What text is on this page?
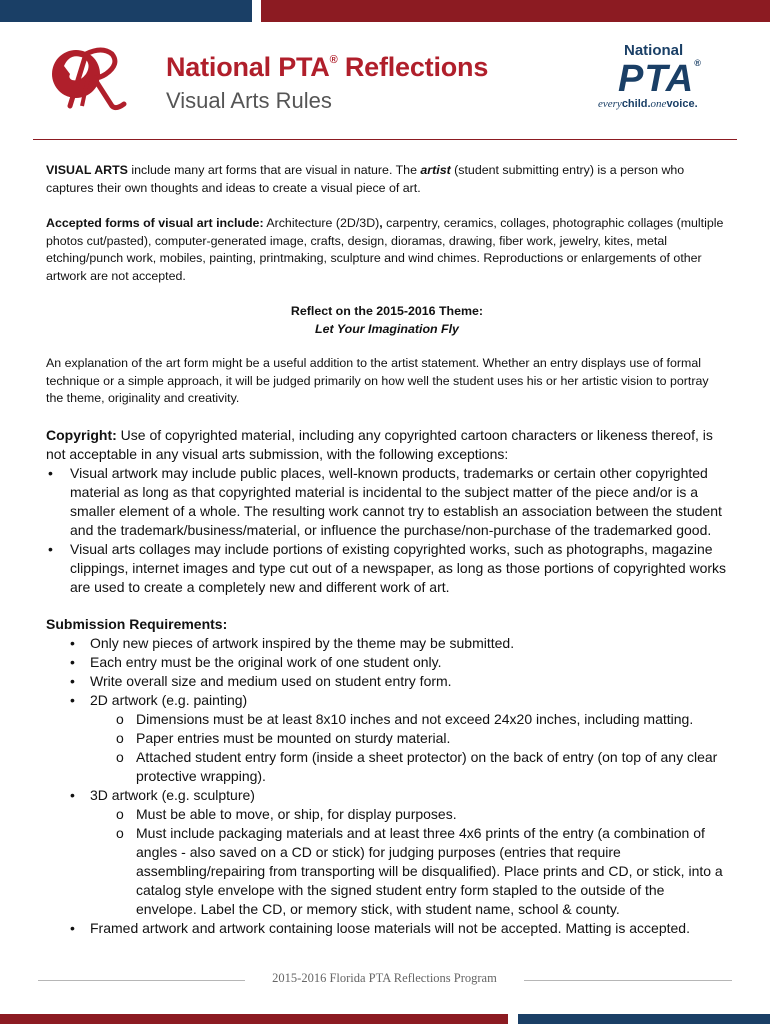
National PTA® Reflections
Visual Arts Rules
National
PTA®
everychild.onevoice.

VISUAL ARTS include many art forms that are visual in nature. The artist (student submitting entry) is a person who captures their own thoughts and ideas to create a visual piece of art.

Accepted forms of visual art include: Architecture (2D/3D), carpentry, ceramics, collages, photographic collages (multiple photos cut/pasted), computer-generated image, crafts, design, dioramas, drawing, fiber work, jewelry, kites, metal etching/punch work, mobiles, painting, printmaking, sculpture and wind chimes. Reproductions or enlargements of other artwork are not accepted.

Reflect on the 2015-2016 Theme:
Let Your Imagination Fly

An explanation of the art form might be a useful addition to the artist statement. Whether an entry displays use of formal technique or a simple approach, it will be judged primarily on how well the student uses his or her artistic vision to portray the theme, originality and creativity.

Copyright: Use of copyrighted material, including any copyrighted cartoon characters or likeness thereof, is not acceptable in any visual arts submission, with the following exceptions:

• Visual artwork may include public places, well-known products, trademarks or certain other copyrighted material as long as that copyrighted material is incidental to the subject matter of the piece and/or is a smaller element of a whole. The resulting work cannot try to establish an association between the student and the trademark/business/material, or influence the purchase/non-purchase of the trademarked good.
• Visual arts collages may include portions of existing copyrighted works, such as photographs, magazine clippings, internet images and type cut out of a newspaper, as long as those portions of copyrighted works are used to create a completely new and different work of art.

Submission Requirements:

• Only new pieces of artwork inspired by the theme may be submitted.
• Each entry must be the original work of one student only.
• Write overall size and medium used on student entry form.
• 2D artwork (e.g. painting)
o Dimensions must be at least 8x10 inches and not exceed 24x20 inches, including matting.
o Paper entries must be mounted on sturdy material.
o Attached student entry form (inside a sheet protector) on the back of entry (on top of any clear protective wrapping).
• 3D artwork (e.g. sculpture)
o Must be able to move, or ship, for display purposes.
o Must include packaging materials and at least three 4x6 prints of the entry (a combination of angles - also saved on a CD or stick) for judging purposes (entries that require assembling/repairing from transporting will be disqualified). Place prints and CD, or stick, into a catalog style envelope with the signed student entry form stapled to the outside of the envelope. Label the CD, or memory stick, with student name, school & county.
• Framed artwork and artwork containing loose materials will not be accepted. Matting is accepted.
2015-2016 Florida PTA Reflections Program
